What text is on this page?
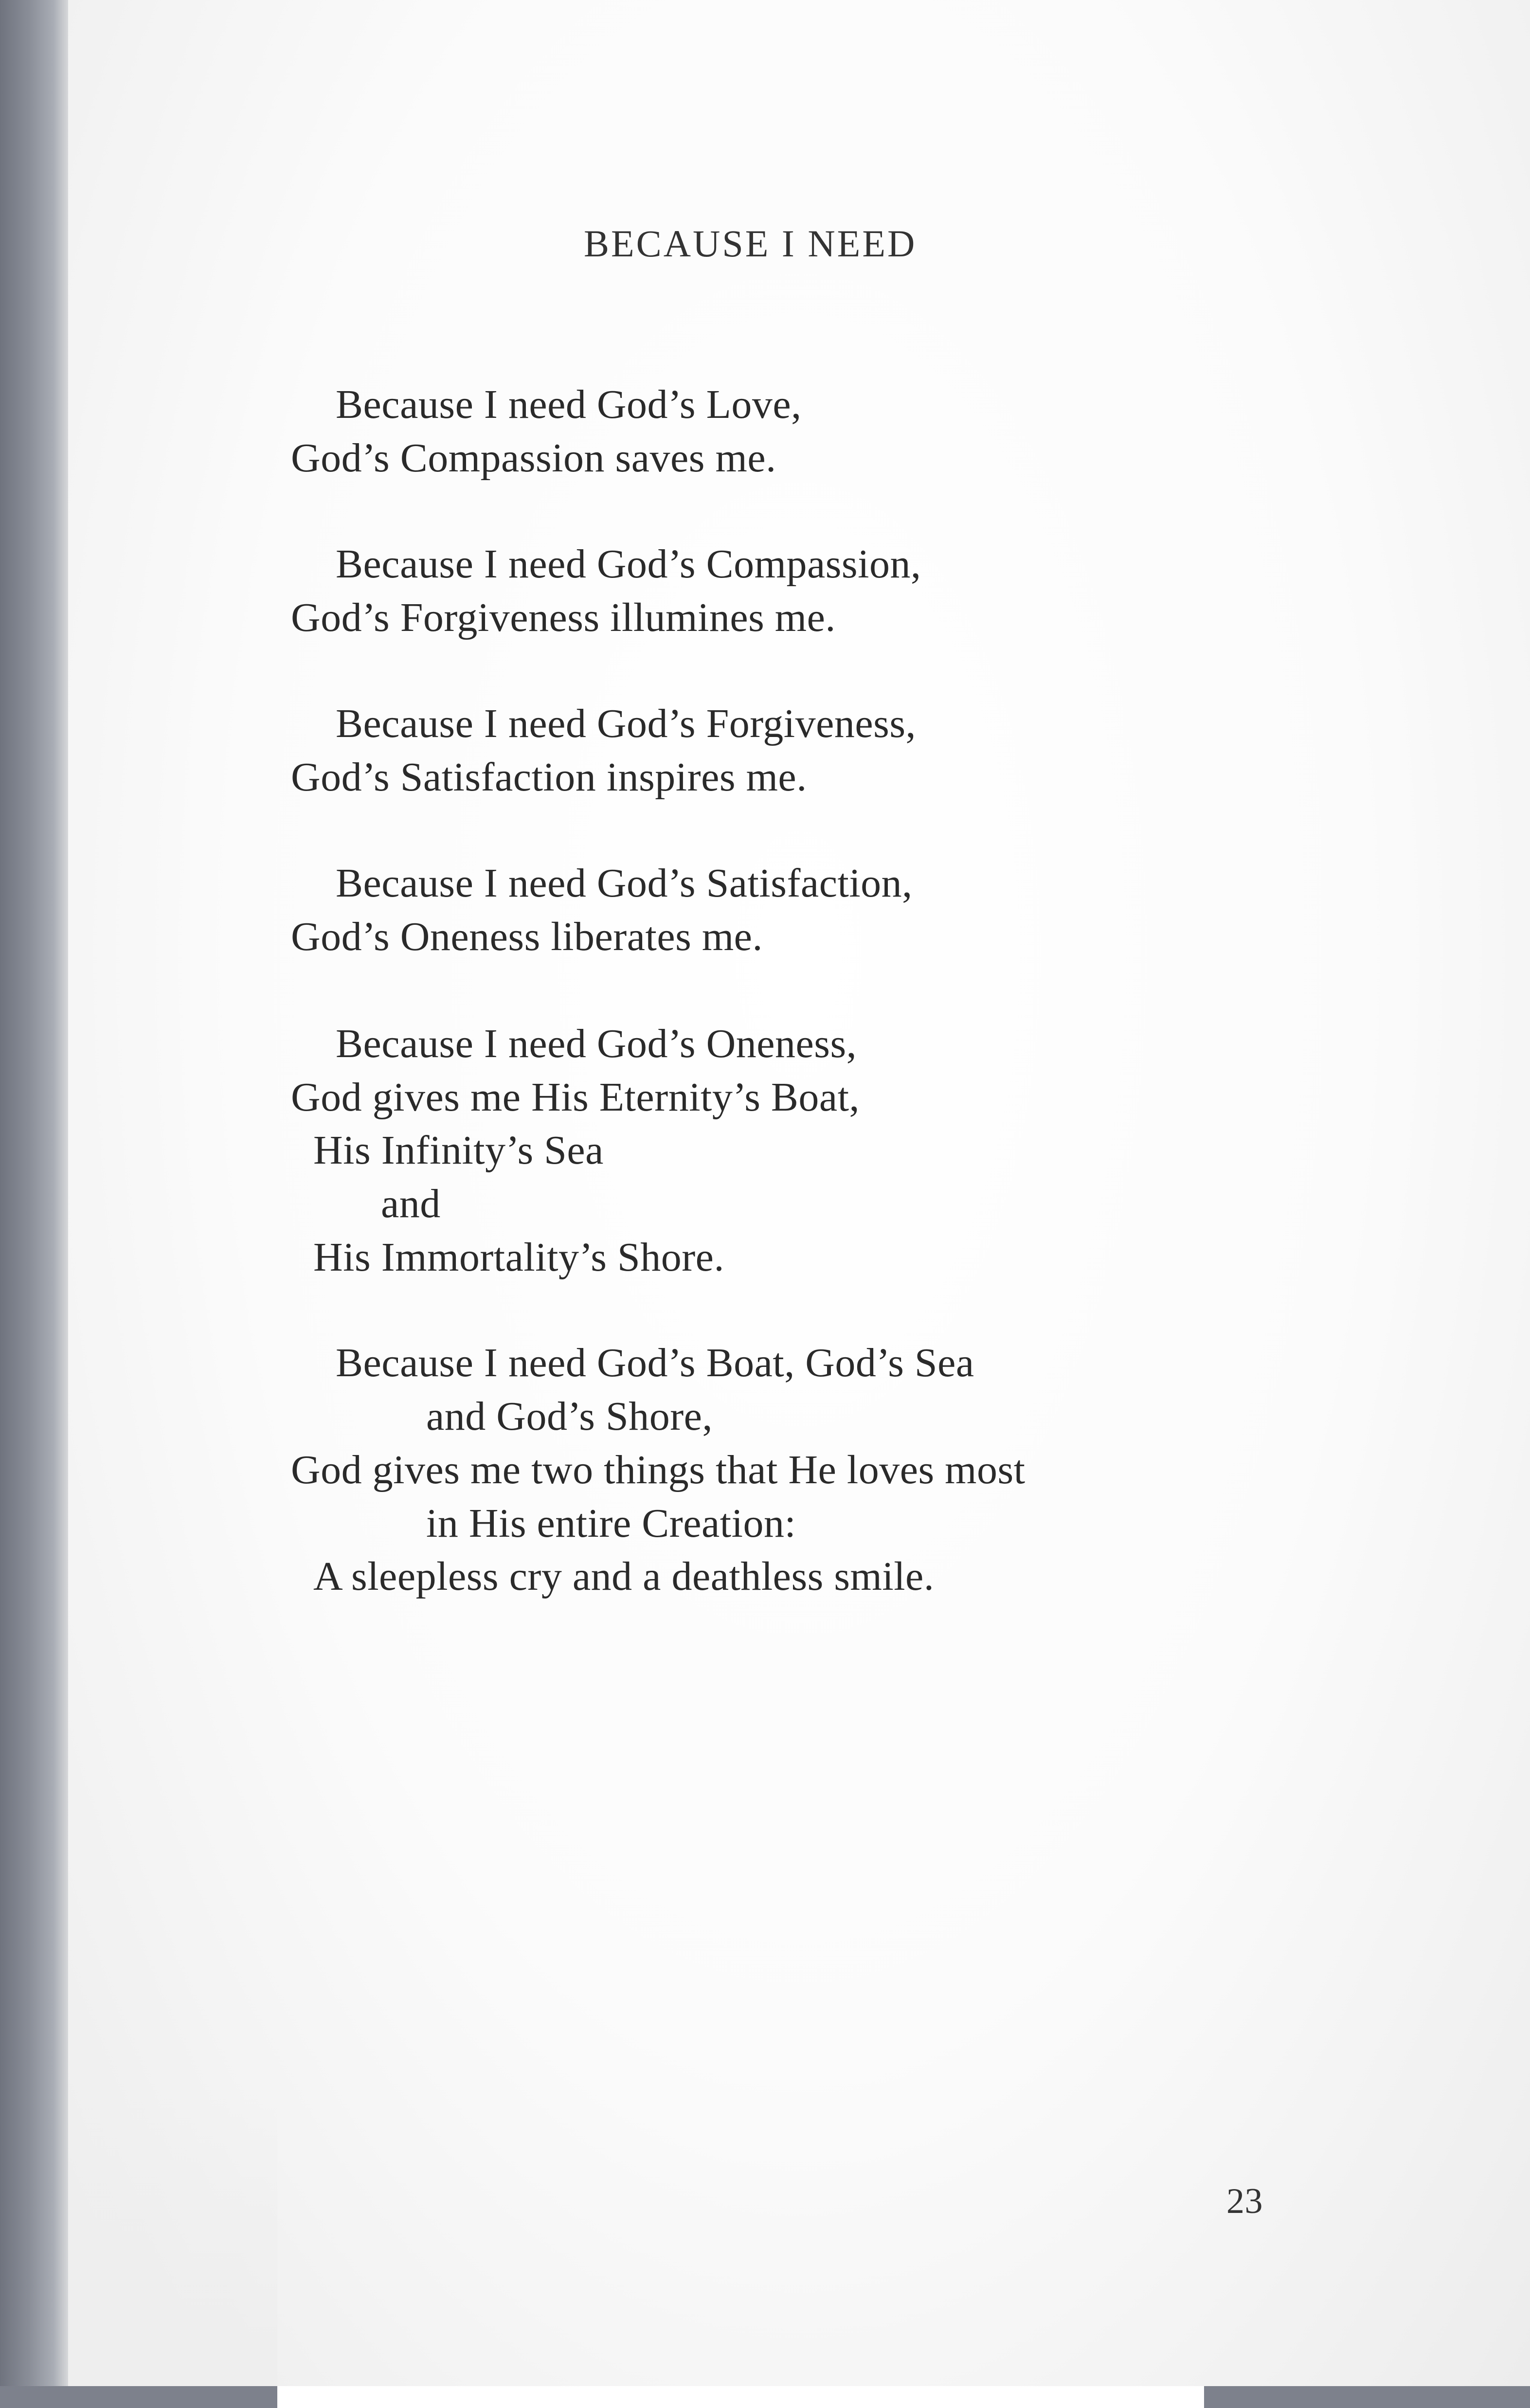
BECAUSE I NEED
Because I need God’s Love,
God’s Compassion saves me.
Because I need God’s Compassion,
God’s Forgiveness illumines me.
Because I need God’s Forgiveness,
God’s Satisfaction inspires me.
Because I need God’s Satisfaction,
God’s Oneness liberates me.
Because I need God’s Oneness,
God gives me His Eternity’s Boat,
His Infinity’s Sea
and
His Immortality’s Shore.
Because I need God’s Boat, God’s Sea
and God’s Shore,
God gives me two things that He loves most
in His entire Creation:
A sleepless cry and a deathless smile.
23
